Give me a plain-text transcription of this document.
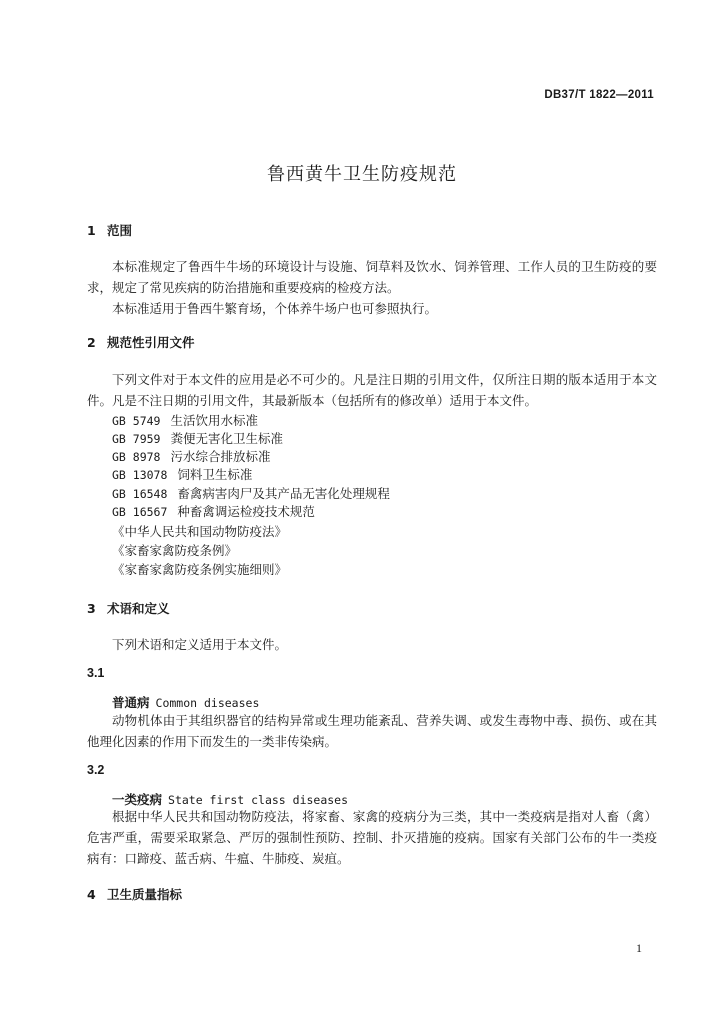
DB37/T 1822—2011
鲁西黄牛卫生防疫规范
1 范围

本标准规定了鲁西牛牛场的环境设计与设施、饲草料及饮水、饲养管理、工作人员的卫生防疫的要求，规定了常见疾病的防治措施和重要疫病的检疫方法。

本标准适用于鲁西牛繁育场，个体养牛场户也可参照执行。

2 规范性引用文件

下列文件对于本文件的应用是必不可少的。凡是注日期的引用文件，仅所注日期的版本适用于本文件。凡是不注日期的引用文件，其最新版本（包括所有的修改单）适用于本文件。

GB 5749 生活饮用水标准
GB 7959 粪便无害化卫生标准
GB 8978 污水综合排放标准
GB 13078 饲料卫生标准
GB 16548 畜禽病害肉尸及其产品无害化处理规程
GB 16567 种畜禽调运检疫技术规范
《中华人民共和国动物防疫法》
《家畜家禽防疫条例》
《家畜家禽防疫条例实施细则》
3 术语和定义

下列术语和定义适用于本文件。

3.1
普通病 Common diseases

动物机体由于其组织器官的结构异常或生理功能紊乱、营养失调、或发生毒物中毒、损伤、或在其他理化因素的作用下而发生的一类非传染病。

3.2
一类疫病 State first class diseases

根据中华人民共和国动物防疫法，将家畜、家禽的疫病分为三类，其中一类疫病是指对人畜（禽）危害严重，需要采取紧急、严厉的强制性预防、控制、扑灭措施的疫病。国家有关部门公布的牛一类疫病有：口蹄疫、蓝舌病、牛瘟、牛肺疫、炭疽。

4 卫生质量指标
1
